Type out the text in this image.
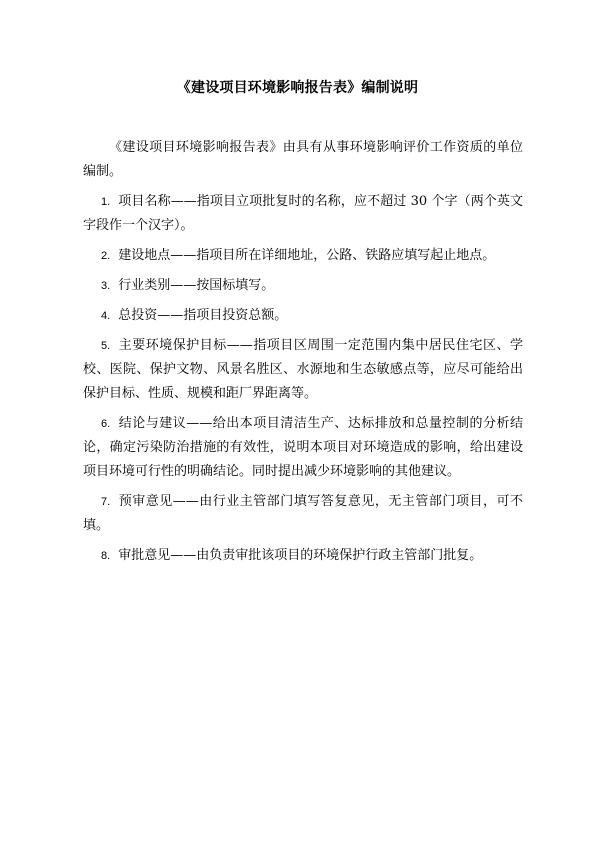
《建设项目环境影响报告表》编制说明

《建设项目环境影响报告表》由具有从事环境影响评价工作资质的单位编制。

1. 项目名称——指项目立项批复时的名称，应不超过 30 个字（两个英文字段作一个汉字）。

2. 建设地点——指项目所在详细地址，公路、铁路应填写起止地点。

3. 行业类别——按国标填写。

4. 总投资——指项目投资总额。

5. 主要环境保护目标——指项目区周围一定范围内集中居民住宅区、学校、医院、保护文物、风景名胜区、水源地和生态敏感点等，应尽可能给出保护目标、性质、规模和距厂界距离等。

6. 结论与建议——给出本项目清洁生产、达标排放和总量控制的分析结论，确定污染防治措施的有效性，说明本项目对环境造成的影响，给出建设项目环境可行性的明确结论。同时提出减少环境影响的其他建议。

7. 预审意见——由行业主管部门填写答复意见，无主管部门项目，可不填。

8. 审批意见——由负责审批该项目的环境保护行政主管部门批复。
